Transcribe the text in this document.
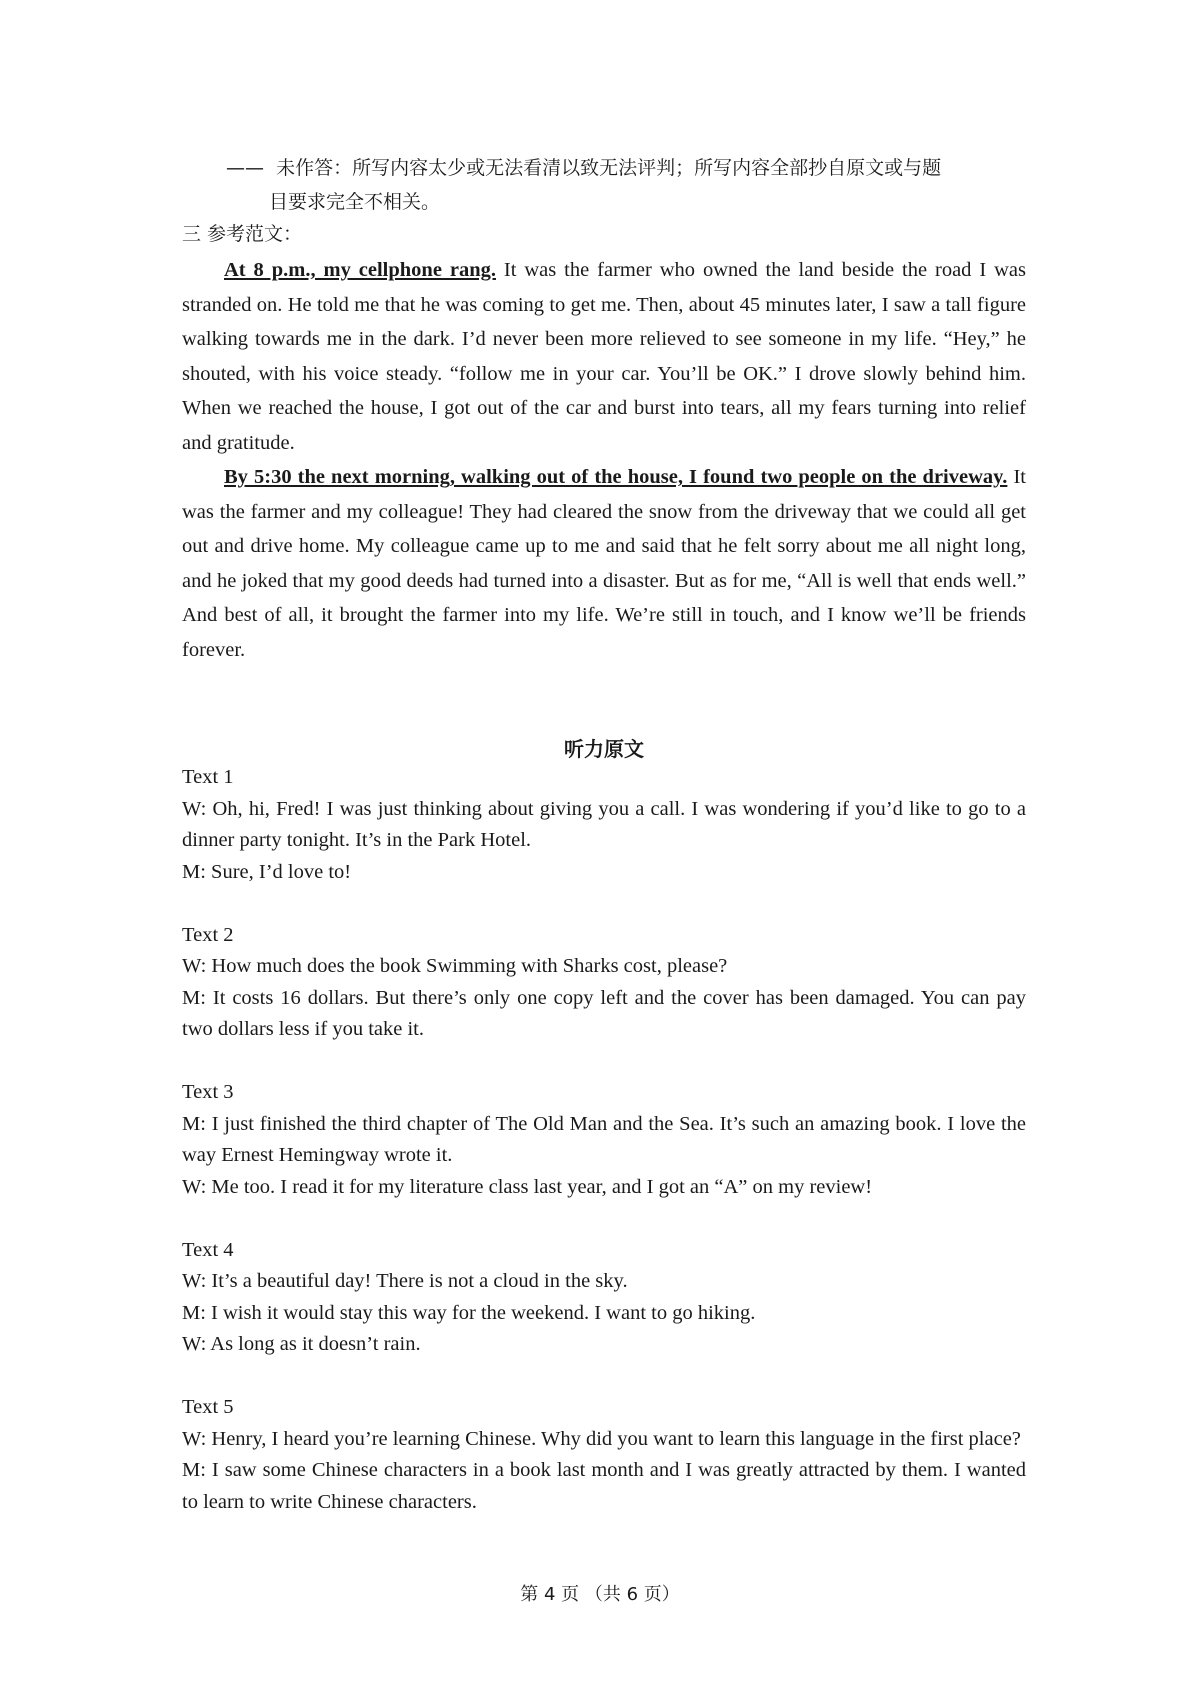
—— 未作答：所写内容太少或无法看清以致无法评判；所写内容全部抄自原文或与题
目要求完全不相关。
三 参考范文：

At 8 p.m., my cellphone rang. It was the farmer who owned the land beside the road I was stranded on. He told me that he was coming to get me. Then, about 45 minutes later, I saw a tall figure walking towards me in the dark. I’d never been more relieved to see someone in my life. “Hey,” he shouted, with his voice steady. “follow me in your car. You’ll be OK.” I drove slowly behind him. When we reached the house, I got out of the car and burst into tears, all my fears turning into relief and gratitude.

By 5:30 the next morning, walking out of the house, I found two people on the driveway. It was the farmer and my colleague! They had cleared the snow from the driveway that we could all get out and drive home. My colleague came up to me and said that he felt sorry about me all night long, and he joked that my good deeds had turned into a disaster. But as for me, “All is well that ends well.” And best of all, it brought the farmer into my life. We’re still in touch, and I know we’ll be friends forever.

听力原文
Text 1
W: Oh, hi, Fred! I was just thinking about giving you a call. I was wondering if you’d like to go to a dinner party tonight. It’s in the Park Hotel.
M: Sure, I’d love to!
Text 2
W: How much does the book Swimming with Sharks cost, please?
M: It costs 16 dollars. But there’s only one copy left and the cover has been damaged. You can pay two dollars less if you take it.
Text 3
M: I just finished the third chapter of The Old Man and the Sea. It’s such an amazing book. I love the way Ernest Hemingway wrote it.
W: Me too. I read it for my literature class last year, and I got an “A” on my review!
Text 4
W: It’s a beautiful day! There is not a cloud in the sky.
M: I wish it would stay this way for the weekend. I want to go hiking.
W: As long as it doesn’t rain.
Text 5
W: Henry, I heard you’re learning Chinese. Why did you want to learn this language in the first place?
M: I saw some Chinese characters in a book last month and I was greatly attracted by them. I wanted to learn to write Chinese characters.
第 4 页 （共 6 页）
